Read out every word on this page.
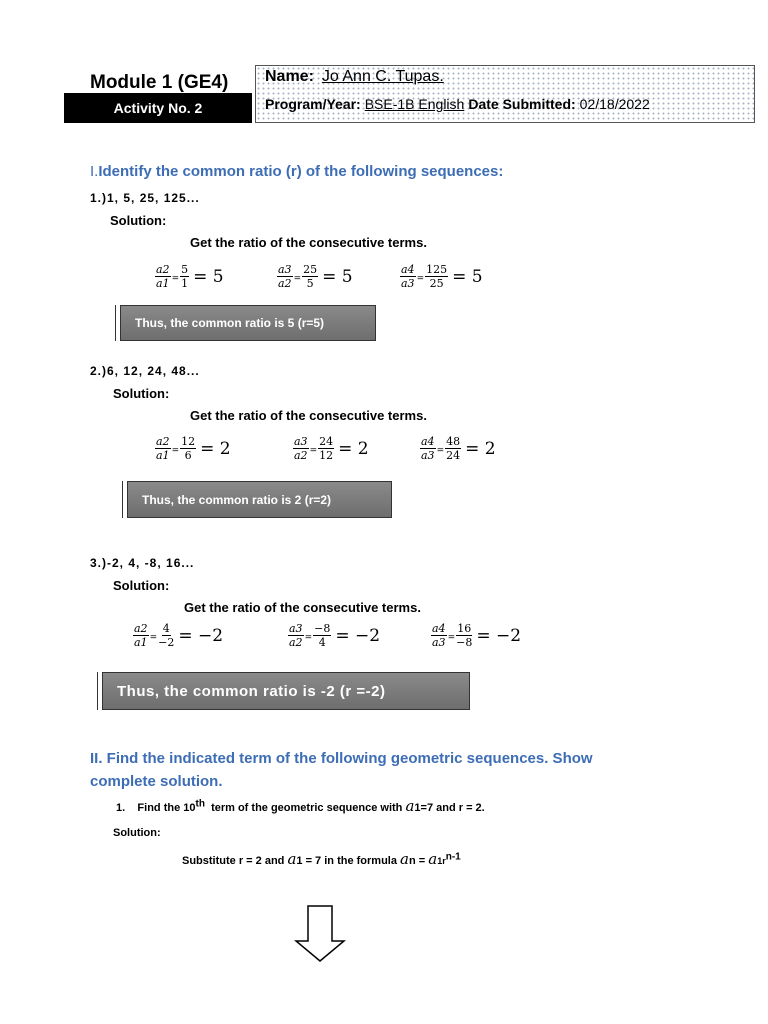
Module 1 (GE4)
Activity No. 2
Name: Jo Ann C. Tupas.
Program/Year: BSE-1B English Date Submitted: 02/18/2022
I.Identify the common ratio (r) of the following sequences:
1.)1, 5, 25, 125...
Solution:
Get the ratio of the consecutive terms.
$\frac{a2}{a1} = \frac{5}{1} = 5$	$\frac{a3}{a2} = \frac{25}{5} = 5$	$\frac{a4}{a3} = \frac{125}{25} = 5$
Thus, the common ratio is 5 (r=5)
2.)6, 12, 24, 48...
Solution:
Get the ratio of the consecutive terms.
$\frac{a2}{a1} = \frac{12}{6} = 2$	$\frac{a3}{a2} = \frac{24}{12} = 2$	$\frac{a4}{a3} = \frac{48}{24} = 2$
Thus, the common ratio is 2 (r=2)
3.)-2, 4, -8, 16...
Solution:
Get the ratio of the consecutive terms.
$\frac{a2}{a1} = \frac{4}{-2} = -2$	$\frac{a3}{a2} = \frac{-8}{4} = -2$	$\frac{a4}{a3} = \frac{16}{-8} = -2$
Thus, the common ratio is -2 (r =-2)
II. Find the indicated term of the following geometric sequences. Show
complete solution.
1. Find the 10th term of the geometric sequence with a1=7 and r = 2.
Solution:
Substitute r = 2 and a1 = 7 in the formula an = $a1r^{n-1}$
